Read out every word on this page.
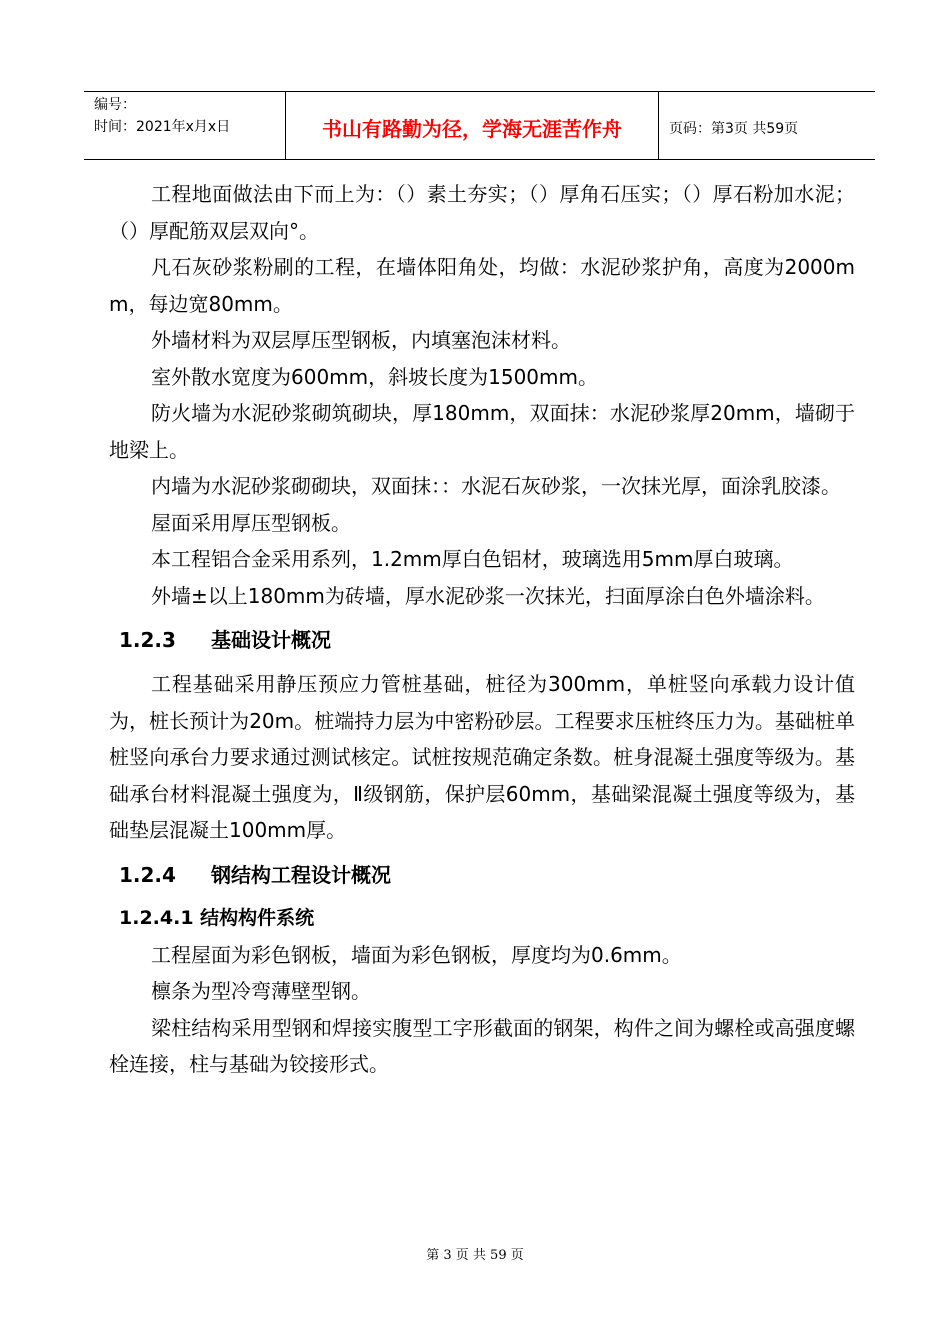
编号：
时间：2021年x月x日	书山有路勤为径，学海无涯苦作舟	页码：第3页 共59页

工程地面做法由下而上为：（）素土夯实；（）厚角石压实；（）厚石粉加水泥；（）厚配筋双层双向°。

凡石灰砂浆粉刷的工程，在墙体阳角处，均做：水泥砂浆护角，高度为2000mm，每边宽80mm。

外墙材料为双层厚压型钢板，内填塞泡沫材料。

室外散水宽度为600mm，斜坡长度为1500mm。

防火墙为水泥砂浆砌筑砌块，厚180mm，双面抹：水泥砂浆厚20mm，墙砌于地梁上。

内墙为水泥砂浆砌砌块，双面抹：：水泥石灰砂浆，一次抹光厚，面涂乳胶漆。

屋面采用厚压型钢板。

本工程铝合金采用系列，1.2mm厚白色铝材，玻璃选用5mm厚白玻璃。

外墙±以上180mm为砖墙，厚水泥砂浆一次抹光，扫面厚涂白色外墙涂料。

1.2.3 基础设计概况

工程基础采用静压预应力管桩基础，桩径为300mm，单桩竖向承载力设计值为，桩长预计为20m。桩端持力层为中密粉砂层。工程要求压桩终压力为。基础桩单桩竖向承台力要求通过测试核定。试桩按规范确定条数。桩身混凝土强度等级为。基础承台材料混凝土强度为，Ⅱ级钢筋，保护层60mm，基础梁混凝土强度等级为，基础垫层混凝土100mm厚。

1.2.4 钢结构工程设计概况
1.2.4.1 结构构件系统

工程屋面为彩色钢板，墙面为彩色钢板，厚度均为0.6mm。

檩条为型冷弯薄壁型钢。

梁柱结构采用型钢和焊接实腹型工字形截面的钢架，构件之间为螺栓或高强度螺栓连接，柱与基础为铰接形式。

第 3 页 共 59 页
